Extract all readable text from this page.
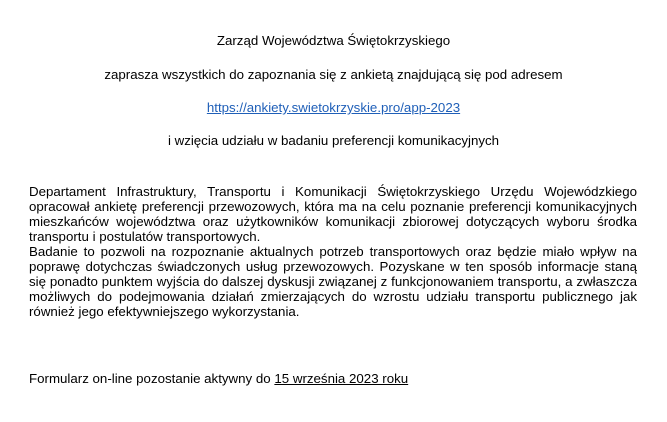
Zarząd Województwa Świętokrzyskiego
zaprasza wszystkich do zapoznania się z ankietą znajdującą się pod adresem
https://ankiety.swietokrzyskie.pro/app-2023
i wzięcia udziału w badaniu preferencji komunikacyjnych

Departament Infrastruktury, Transportu i Komunikacji Świętokrzyskiego Urzędu Wojewódzkiego opracował ankietę preferencji przewozowych, która ma na celu poznanie preferencji komunikacyjnych mieszkańców województwa oraz użytkowników komunikacji zbiorowej dotyczących wyboru środka transportu i postulatów transportowych.

Badanie to pozwoli na rozpoznanie aktualnych potrzeb transportowych oraz będzie miało wpływ na poprawę dotychczas świadczonych usług przewozowych. Pozyskane w ten sposób informacje staną się ponadto punktem wyjścia do dalszej dyskusji związanej z funkcjonowaniem transportu, a zwłaszcza możliwych do podejmowania działań zmierzających do wzrostu udziału transportu publicznego jak również jego efektywniejszego wykorzystania.

Formularz on-line pozostanie aktywny do 15 września 2023 roku
